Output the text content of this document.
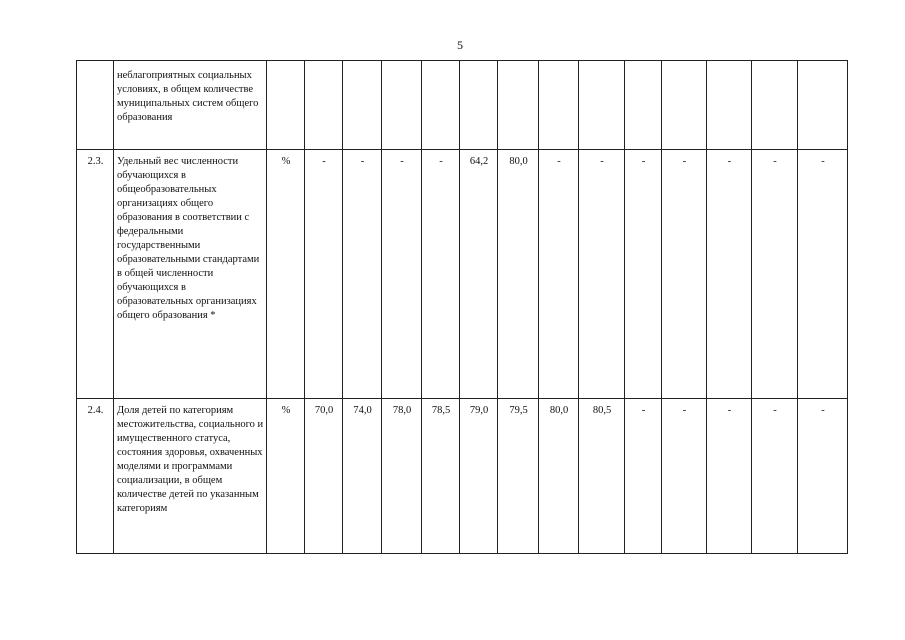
5
	неблагоприятных социальных условиях, в общем количестве муниципальных систем общего образования														
2.3.	Удельный вес численности обучающихся в общеобразовательных организациях общего образования в соответствии с федеральными государственными образовательными стандартами в общей численности обучающихся в образовательных организациях общего образования *	%	-	-	-	-	64,2	80,0	-	-	-	-	-	-	-
2.4.	Доля детей по категориям местожительства, социального и имущественного статуса, состояния здоровья, охваченных моделями и программами социализации, в общем количестве детей по указанным категориям	%	70,0	74,0	78,0	78,5	79,0	79,5	80,0	80,5	-	-	-	-	-
